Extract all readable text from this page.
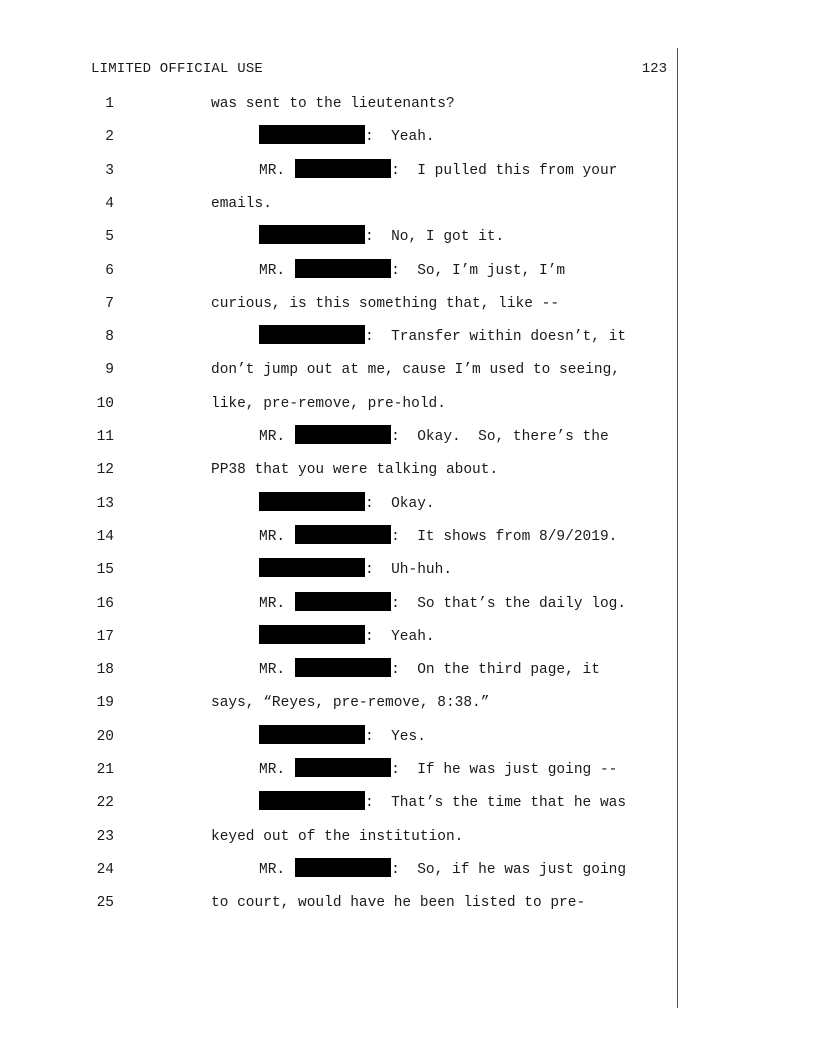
LIMITED OFFICIAL USE	123
1	was sent to the lieutenants?
2	:  Yeah.
3	MR.	:  I pulled this from your
4	emails.
5	:  No, I got it.
6	MR.	:  So, I’m just, I’m
7	curious, is this something that, like --
8	:  Transfer within doesn’t, it
9	don’t jump out at me, cause I’m used to seeing,
10	like, pre-remove, pre-hold.
11	MR.	:  Okay.  So, there’s the
12	PP38 that you were talking about.
13	:  Okay.
14	MR.	:  It shows from 8/9/2019.
15	:  Uh-huh.
16	MR.	:  So that’s the daily log.
17	:  Yeah.
18	MR.	:  On the third page, it
19	says, “Reyes, pre-remove, 8:38.”
20	:  Yes.
21	MR.	:  If he was just going --
22	:  That’s the time that he was
23	keyed out of the institution.
24	MR.	:  So, if he was just going
25	to court, would have he been listed to pre-
